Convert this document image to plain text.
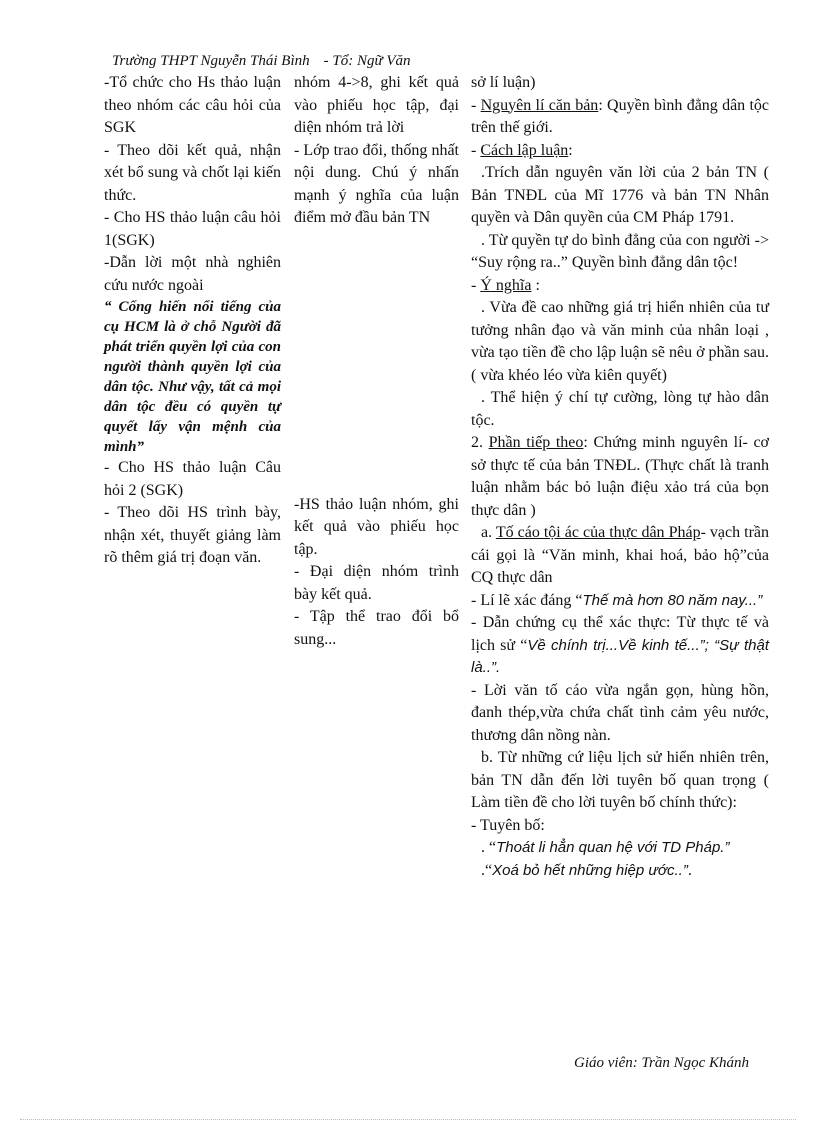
Trường THPT Nguyễn Thái Bình - Tổ: Ngữ Văn

-Tổ chức cho Hs thảo luận theo nhóm các câu hỏi của SGK

- Theo dõi kết quả, nhận xét bổ sung và chốt lại kiến thức.

- Cho HS thảo luận câu hỏi 1(SGK)

-Dẫn lời một nhà nghiên cứu nước ngoài

“ Cống hiến nổi tiếng của cụ HCM là ở chỗ Người đã phát triển quyền lợi của con người thành quyền lợi của dân tộc. Như vậy, tất cả mọi dân tộc đều có quyền tự quyết lấy vận mệnh của mình”

- Cho HS thảo luận Câu hỏi 2 (SGK)

- Theo dõi HS trình bày, nhận xét, thuyết giảng làm rõ thêm giá trị đoạn văn.

nhóm 4->8, ghi kết quả vào phiếu học tập, đại diện nhóm trả lời

- Lớp trao đổi, thống nhất nội dung. Chú ý nhấn mạnh ý nghĩa của luận điểm mở đầu bản TN

-HS thảo luận nhóm, ghi kết quả vào phiếu học tập.

- Đại diện nhóm trình bày kết quả.

- Tập thể trao đổi bổ sung...

sở lí luận)

- Nguyên lí căn bản: Quyền bình đẳng dân tộc trên thế giới.

- Cách lập luận:

.Trích dẫn nguyên văn lời của 2 bản TN ( Bản TNĐL của Mĩ 1776 và bản TN Nhân quyền và Dân quyền của CM Pháp 1791.

. Từ quyền tự do bình đẳng của con người -> “Suy rộng ra..” Quyền bình đẳng dân tộc!

- Ý nghĩa :

. Vừa đề cao những giá trị hiển nhiên của tư tưởng nhân đạo và văn minh của nhân loại , vừa tạo tiền đề cho lập luận sẽ nêu ở phần sau.( vừa khéo léo vừa kiên quyết)

. Thể hiện ý chí tự cường, lòng tự hào dân tộc.

2. Phần tiếp theo: Chứng minh nguyên lí- cơ sở thực tế của bản TNĐL. (Thực chất là tranh luận nhằm bác bỏ luận điệu xảo trá của bọn thực dân )

a. Tố cáo tội ác của thực dân Pháp- vạch trần cái gọi là “Văn minh, khai hoá, bảo hộ”của CQ thực dân

- Lí lẽ xác đáng “Thế mà hơn 80 năm nay...”

- Dẫn chứng cụ thể xác thực: Từ thực tế và lịch sử “Về chính trị...Về kinh tế...”; “Sự thật là..”.

- Lời văn tố cáo vừa ngắn gọn, hùng hồn, đanh thép,vừa chứa chất tình cảm yêu nước, thương dân nồng nàn.

b. Từ những cứ liệu lịch sử hiển nhiên trên, bản TN dẫn đến lời tuyên bố quan trọng ( Làm tiền đề cho lời tuyên bố chính thức):

- Tuyên bố:

. “Thoát li hẳn quan hệ với TD Pháp.”

.“Xoá bỏ hết những hiệp ước..”.

Giáo viên: Trần Ngọc Khánh
